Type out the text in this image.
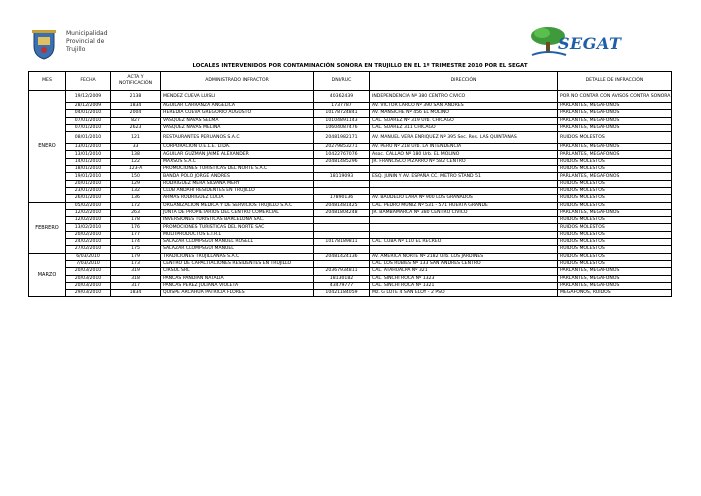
Municipalidad
Provincial de
Trujillo	SEGAT
LOCALES INTERVENIDOS POR CONTAMINACIÓN SONORA EN TRUJILLO EN EL 1º TRIMESTRE 2010 POR EL SEGAT
MES	FECHA	ACTA Y NOTIFICACIÓN	ADMINISTRADO INFRACTOR	DNI/RUC	DIRECCIÓN	DETALLE DE INFRACCIÓN
ENERO	19/12/2009	2138	MENDEZ CUEVA LUISLI	40362439	INDEPENDENCIA Nº 380 CENTRO CIVICO	POR NO CONTAR CON AVISOS CONTRA SONORA
	28/12/2009	1834	AGUILAR CARRANZA ANGELICA	1737787	AV. VICTOR LARCO Nº 390 SAN ANDRES	PARLANTES, MEGAFONOS
	04/01/2010	2004	HEREDIA CUEVA GREGORIO AUGUSTO	10178724841	AV. MANSICHE Nº 456 EL MOLINO	PARLANTES, MEGAFONOS
	07/01/2010	827	VASQUEZ NAVAS SELMA	10104891143	CAL. SUAREZ Nº 319 Urb. CHICAGO	PARLANTES, MEGAFONOS
	07/01/2010	2623	VASQUEZ NAVAS MELINA	10604087476	CAL. SUAREZ 311 CHICAGO	PARLANTES, MEGAFONOS
	08/01/2010	121	RESTAURANTES PERUANOS S.A.C	20481982171	AV. MANUEL VERA ENRIQUEZ Nº 395 Sec. Res. LAS QUINTANAS	RUIDOS MOLESTOS
	13/01/2010	33	CORPORACIÓN U.E.L.E. LTDA.	20279853271	AV. PERÚ Nº 218 Urb. LA INTENDENCIA	PARLANTES, MEGAFONOS
	13/01/2010	138	AGUILAR GUZMAN JAIME ALEXANDER	10422767076	Asoc. CALLAO Nº 180 Urb. EL MOLINO	PARLANTES, MEGAFONOS
	14/01/2010	122	MAXSUS S.A.C	20481485296	JR. FRANCISCO PIZARRO Nº 582 CENTRO	RUIDOS MOLESTOS
	18/01/2010	123-A	PROMOCIONES TURISTICAS DEL NORTE S.A.C			RUIDOS MOLESTOS
	19/01/2010	150	BANDA POLO JORGE ANDRES	18119093	ESQ. JUNIN Y AV. ESPAÑA CC. METRO STAND 51	PARLANTES, MEGAFONOS
	20/01/2010	129	RODRIGUEZ MERA SILVANA MERY			RUIDOS MOLESTOS
	23/01/2010	132	CLUB ANDAHI RESIDENTES EN TRUJILLO			RUIDOS MOLESTOS
	26/01/2010	136	ARMAS RODRIGUEZ LUCIA	17890136	AV. BAUDELIO LARA Nº 900 LOS GRANADOS	RUIDOS MOLESTOS
FEBRERO	05/02/2010	172	ORGANIZACIÓN MEDICA Y DE SERVICIOS TRUJILLO S.A.C	20481481425	CAL. PEDRO MUÑIZ Nº 531 - 571 HUERTA GRANDE	RUIDOS MOLESTOS
	12/02/2010	263	JUNTA DE PROPIETARIOS DEL CENTRO COMERCIAL	20481804248	JR. BAMBAMARCA Nº 380 CENTRO CIVICO	PARLANTES, MEGAFONOS
	12/02/2010	178	INVERSIONES TURISTICAS BARCELONA SAC.			RUIDOS MOLESTOS
	13/02/2010	176	PROMOCIONES TURISTICAS DEL NORTE SAC			RUIDOS MOLESTOS
	20/02/2010	177	MULTIPRODUCTOS E.I.R.L			RUIDOS MOLESTOS
	24/02/2010	174	SALAZAR CLOMPSGUI MANUEL ROSELL	10178189811	CAL. CUBA Nº 110 EL RECREO	RUIDOS MOLESTOS
	27/02/2010	175	SALAZAR CLOMPSGUI MANUEL			RUIDOS MOLESTOS
MARZO	6/03/2010	179	TRADICIONES TRUJILLANAS S.A.C	20481424136	AV. AMERICA NORTE Nº 2182 Urb. LOS JARDINES	RUIDOS MOLESTOS
	7/03/2010	173	CENTRO DE CAPACITACIONES RESIDENTES EN TRUJILLO		CAL. LOS RUBIES Nº 133 SAN ANDRES CENTRO	RUIDOS MOLESTOS
	20/03/2010	319	CIRSUL SRL	20367934811	CAL. ATAHUALPA Nº 321	PARLANTES, MEGAFONOS
	20/03/2010	318	PANCAS PANDIAN NATALIA	18130182	CAL. SINCHI ROCA Nº 1323	PARLANTES, MEGAFONOS
	20/03/2010	317	PANCAS PEREZ JULIANA VIOLETA	43479777	CAL. SINCHI ROCA Nº 1321	PARLANTES, MEGAFONOS
	29/03/2010	1834	QUISPE ARCAHUA PATRICIA FLORES	10421184059	Mz. G LOTE 4 SAN ELOY - 2 PSO	MEGAFONOS, RUIDOS
